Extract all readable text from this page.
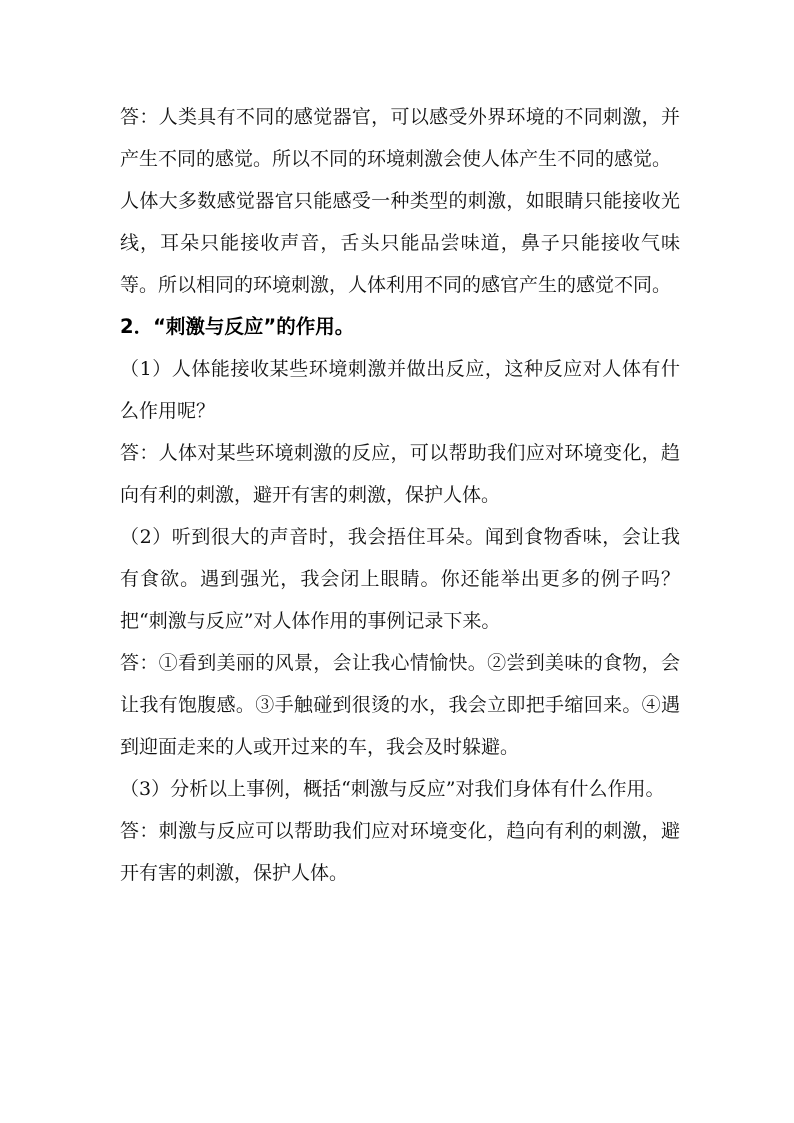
答：人类具有不同的感觉器官，可以感受外界环境的不同刺激，并产生不同的感觉。所以不同的环境刺激会使人体产生不同的感觉。

人体大多数感觉器官只能感受一种类型的刺激，如眼睛只能接收光线，耳朵只能接收声音，舌头只能品尝味道，鼻子只能接收气味等。所以相同的环境刺激，人体利用不同的感官产生的感觉不同。

2．“刺激与反应”的作用。

（1）人体能接收某些环境刺激并做出反应，这种反应对人体有什么作用呢？

答：人体对某些环境刺激的反应，可以帮助我们应对环境变化，趋向有利的刺激，避开有害的刺激，保护人体。

（2）听到很大的声音时，我会捂住耳朵。闻到食物香味，会让我有食欲。遇到强光，我会闭上眼睛。你还能举出更多的例子吗？把“刺激与反应”对人体作用的事例记录下来。

答：①看到美丽的风景，会让我心情愉快。②尝到美味的食物，会让我有饱腹感。③手触碰到很烫的水，我会立即把手缩回来。④遇到迎面走来的人或开过来的车，我会及时躲避。

（3）分析以上事例，概括“刺激与反应”对我们身体有什么作用。

答：刺激与反应可以帮助我们应对环境变化，趋向有利的刺激，避开有害的刺激，保护人体。
